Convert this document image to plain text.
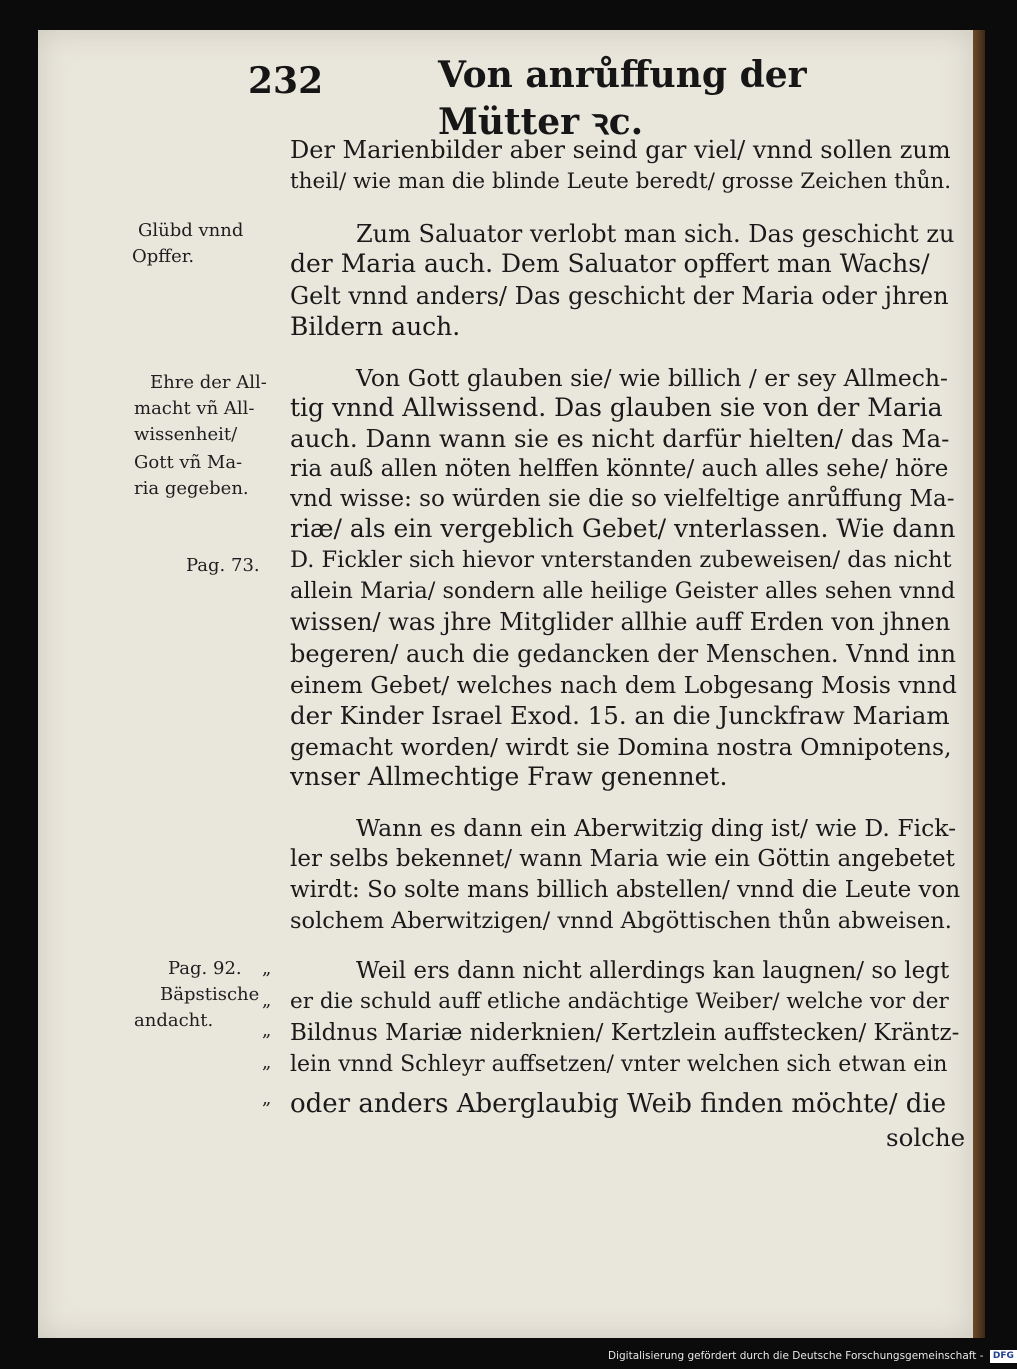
232	Von anrůffung der Mütter ꝛc.
Der Marienbilder aber seind gar viel/ vnnd sollen zum
theil/ wie man die blinde Leute beredt/ grosse Zeichen thůn.
Zum Saluator verlobt man sich. Das geschicht zu
der Maria auch. Dem Saluator opffert man Wachs/
Gelt vnnd anders/ Das geschicht der Maria oder jhren
Bildern auch.
Von Gott glauben sie/ wie billich / er sey Allmech-
tig vnnd Allwissend. Das glauben sie von der Maria
auch. Dann wann sie es nicht darfür hielten/ das Ma-
ria auß allen nöten helffen könnte/ auch alles sehe/ höre
vnd wisse: so würden sie die so vielfeltige anrůffung Ma-
riæ/ als ein vergeblich Gebet/ vnterlassen. Wie dann
D. Fickler sich hievor vnterstanden zubeweisen/ das nicht
allein Maria/ sondern alle heilige Geister alles sehen vnnd
wissen/ was jhre Mitglider allhie auff Erden von jhnen
begeren/ auch die gedancken der Menschen. Vnnd inn
einem Gebet/ welches nach dem Lobgesang Mosis vnnd
der Kinder Israel Exod. 15. an die Junckfraw Mariam
gemacht worden/ wirdt sie Domina nostra Omnipotens,
vnser Allmechtige Fraw genennet.
Wann es dann ein Aberwitzig ding ist/ wie D. Fick-
ler selbs bekennet/ wann Maria wie ein Göttin angebetet
wirdt: So solte mans billich abstellen/ vnnd die Leute von
solchem Aberwitzigen/ vnnd Abgöttischen thůn abweisen.
Weil ers dann nicht allerdings kan laugnen/ so legt
er die schuld auff etliche andächtige Weiber/ welche vor der
Bildnus Mariæ niderknien/ Kertzlein auffstecken/ Kräntz-
lein vnnd Schleyr auffsetzen/ vnter welchen sich etwan ein
oder anders Aberglaubig Weib finden möchte/ die
solche
Glübd vnnd
Opffer.
Ehre der All-
macht vñ All-
wissenheit/
Gott vñ Ma-
ria gegeben.
Pag. 73.
Pag. 92.
Bäpstische
andacht.
„
„
„
„
„
Digitalisierung gefördert durch die Deutsche Forschungsgemeinschaft - DFG
